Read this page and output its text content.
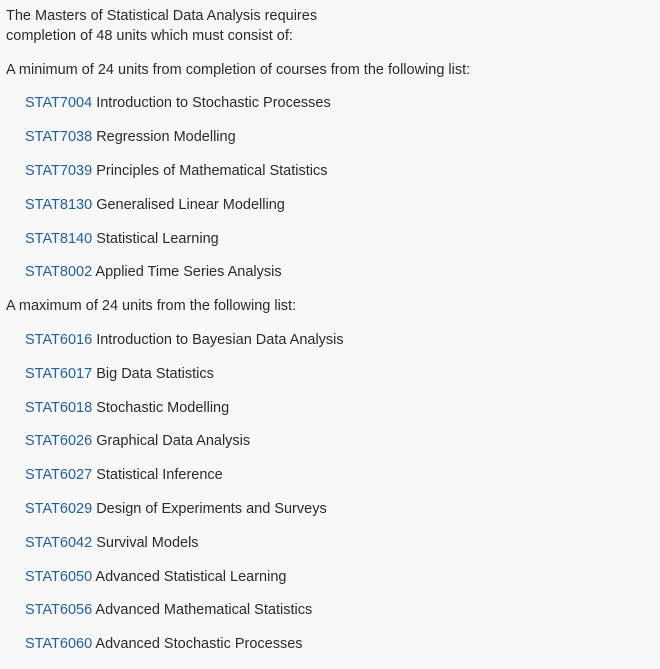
The Masters of Statistical Data Analysis requires
completion of 48 units which must consist of:
A minimum of 24 units from completion of courses from the following list:
STAT7004 Introduction to Stochastic Processes
STAT7038 Regression Modelling
STAT7039 Principles of Mathematical Statistics
STAT8130 Generalised Linear Modelling
STAT8140 Statistical Learning
STAT8002 Applied Time Series Analysis
A maximum of 24 units from the following list:
STAT6016 Introduction to Bayesian Data Analysis
STAT6017 Big Data Statistics
STAT6018 Stochastic Modelling
STAT6026 Graphical Data Analysis
STAT6027 Statistical Inference
STAT6029 Design of Experiments and Surveys
STAT6042 Survival Models
STAT6050 Advanced Statistical Learning
STAT6056 Advanced Mathematical Statistics
STAT6060 Advanced Stochastic Processes
